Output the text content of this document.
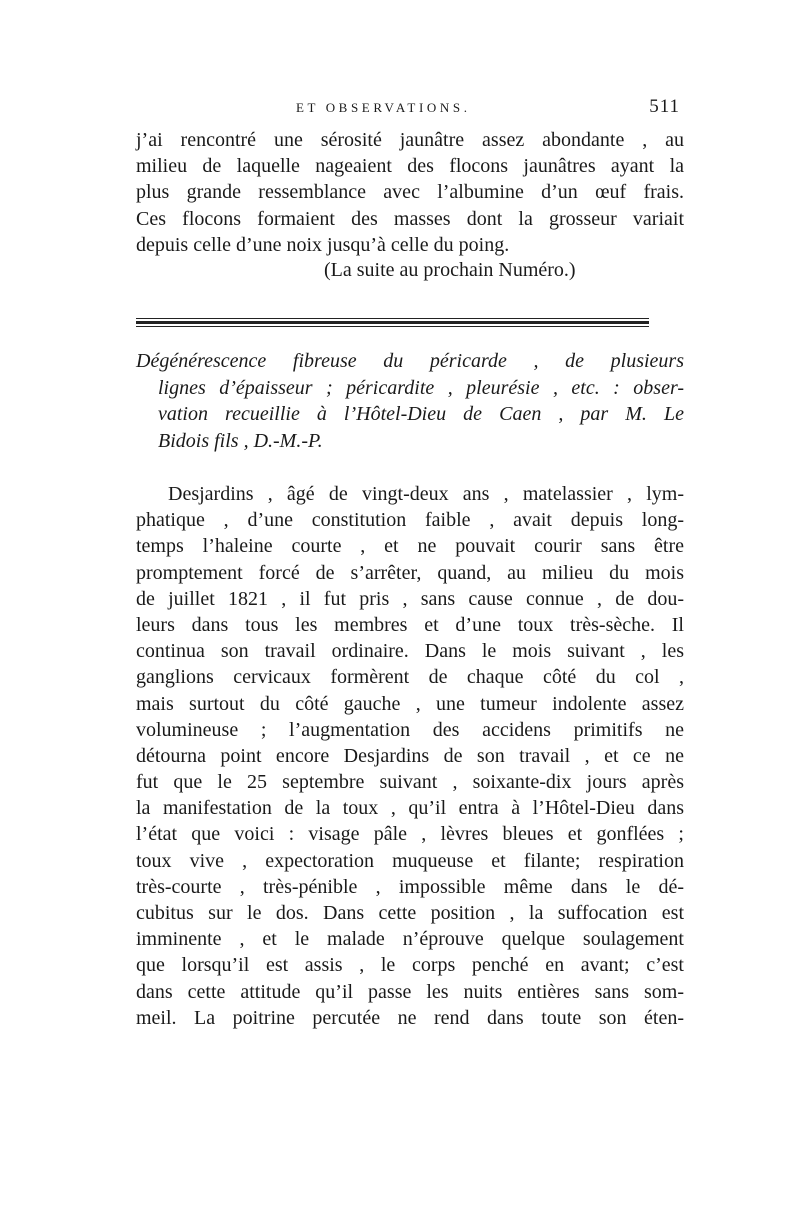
ET OBSERVATIONS.	511
j’ai rencontré une sérosité jaunâtre assez abondante , au
milieu de laquelle nageaient des flocons jaunâtres ayant la
plus grande ressemblance avec l’albumine d’un œuf frais.
Ces flocons formaient des masses dont la grosseur variait
depuis celle d’une noix jusqu’à celle du poing.
(La suite au prochain Numéro.)
Dégénérescence fibreuse du péricarde , de plusieurs
lignes d’épaisseur ; péricardite , pleurésie , etc. : obser-
vation recueillie à l’Hôtel-Dieu de Caen , par M. Le
Bidois fils , D.-M.-P.
Desjardins , âgé de vingt-deux ans , matelassier , lym-
phatique , d’une constitution faible , avait depuis long-
temps l’haleine courte , et ne pouvait courir sans être
promptement forcé de s’arrêter, quand, au milieu du mois
de juillet 1821 , il fut pris , sans cause connue , de dou-
leurs dans tous les membres et d’une toux très-sèche. Il
continua son travail ordinaire. Dans le mois suivant , les
ganglions cervicaux formèrent de chaque côté du col ,
mais surtout du côté gauche , une tumeur indolente assez
volumineuse ; l’augmentation des accidens primitifs ne
détourna point encore Desjardins de son travail , et ce ne
fut que le 25 septembre suivant , soixante-dix jours après
la manifestation de la toux , qu’il entra à l’Hôtel-Dieu dans
l’état que voici : visage pâle , lèvres bleues et gonflées ;
toux vive , expectoration muqueuse et filante; respiration
très-courte , très-pénible , impossible même dans le dé-
cubitus sur le dos. Dans cette position , la suffocation est
imminente , et le malade n’éprouve quelque soulagement
que lorsqu’il est assis , le corps penché en avant; c’est
dans cette attitude qu’il passe les nuits entières sans som-
meil. La poitrine percutée ne rend dans toute son éten-
